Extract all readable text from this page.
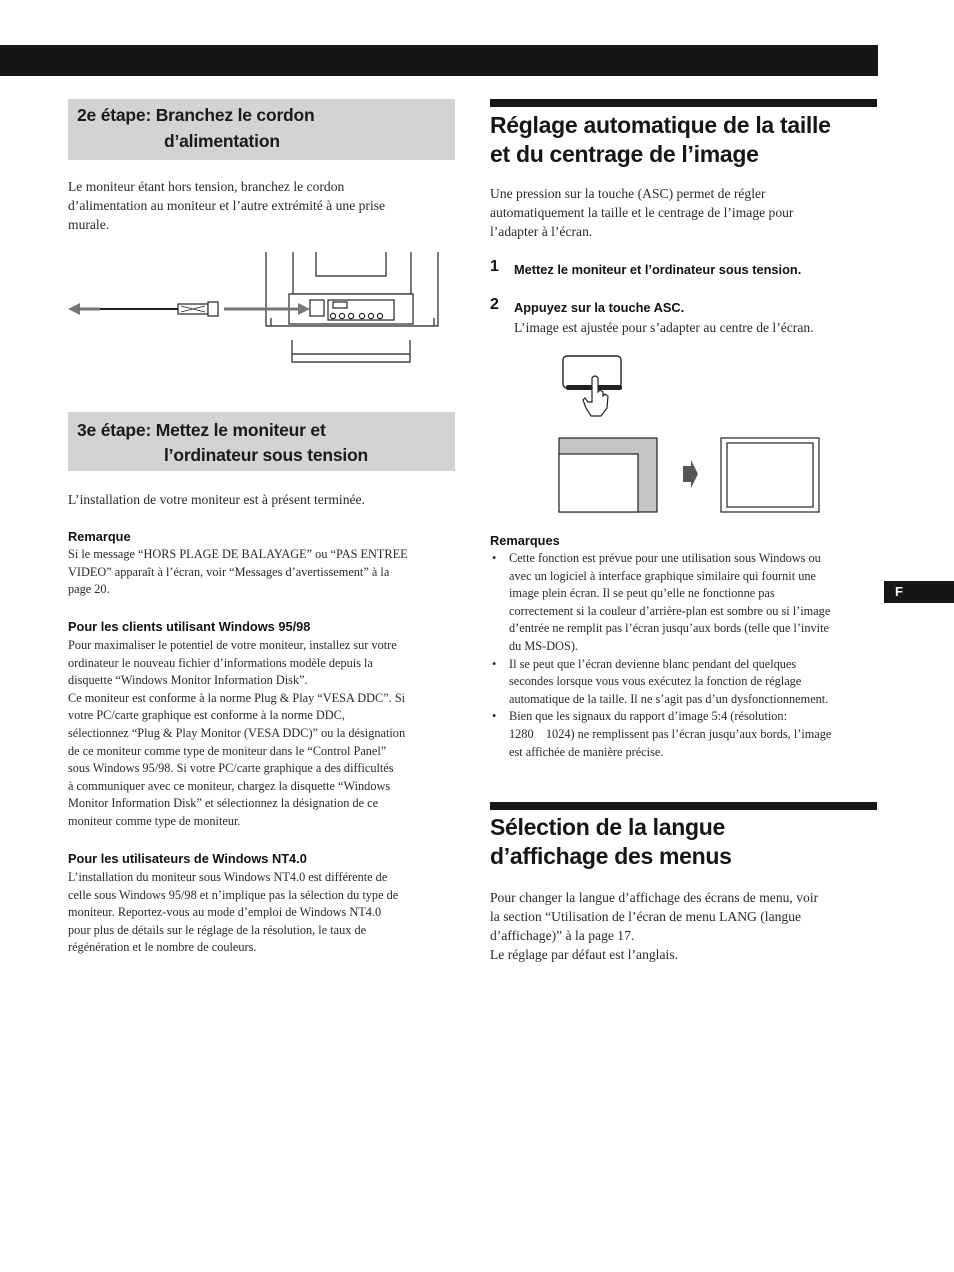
2e étape: Branchez le cordon
d’alimentation
Le moniteur étant hors tension, branchez le cordon
d’alimentation au moniteur et l’autre extrémité à une prise
murale.
3e étape: Mettez le moniteur et
l’ordinateur sous tension
L’installation de votre moniteur est à présent terminée.
Remarque
Si le message “HORS PLAGE DE BALAYAGE” ou “PAS ENTREE
VIDEO” apparaît à l’écran, voir “Messages d’avertissement” à la
page 20.
Pour les clients utilisant Windows 95/98
Pour maximaliser le potentiel de votre moniteur, installez sur votre
ordinateur le nouveau fichier d’informations modèle depuis la
disquette “Windows Monitor Information Disk”.
Ce moniteur est conforme à la norme Plug & Play “VESA DDC”. Si
votre PC/carte graphique est conforme à la norme DDC,
sélectionnez “Plug & Play Monitor (VESA DDC)” ou la désignation
de ce moniteur comme type de moniteur dans le “Control Panel”
sous Windows 95/98. Si votre PC/carte graphique a des difficultés
à communiquer avec ce moniteur, chargez la disquette “Windows
Monitor Information Disk” et sélectionnez la désignation de ce
moniteur comme type de moniteur.
Pour les utilisateurs de Windows NT4.0
L’installation du moniteur sous Windows NT4.0 est différente de
celle sous Windows 95/98 et n’implique pas la sélection du type de
moniteur. Reportez-vous au mode d’emploi de Windows NT4.0
pour plus de détails sur le réglage de la résolution, le taux de
régénération et le nombre de couleurs.
Réglage automatique de la taille
et du centrage de l’image
Une pression sur la touche (ASC) permet de régler
automatiquement la taille et le centrage de l’image pour
l’adapter à l’écran.
1 Mettez le moniteur et l’ordinateur sous tension.
2 Appuyez sur la touche ASC.
L’image est ajustée pour s’adapter au centre de l’écran.
Remarques
• Cette fonction est prévue pour une utilisation sous Windows ou
avec un logiciel à interface graphique similaire qui fournit une
image plein écran. Il se peut qu’elle ne fonctionne pas
correctement si la couleur d’arrière-plan est sombre ou si l’image
d’entrée ne remplit pas l’écran jusqu’aux bords (telle que l’invite
du MS-DOS).
• Il se peut que l’écran devienne blanc pendant del quelques
secondes lorsque vous vous exécutez la fonction de réglage
automatique de la taille. Il ne s’agit pas d’un dysfonctionnement.
• Bien que les signaux du rapport d’image 5:4 (résolution:
1280    1024) ne remplissent pas l’écran jusqu’aux bords, l’image
est affichée de manière précise.
Sélection de la langue
d’affichage des menus
Pour changer la langue d’affichage des écrans de menu, voir
la section “Utilisation de l’écran de menu LANG (langue
d’affichage)” à la page 17.
Le réglage par défaut est l’anglais.
F
